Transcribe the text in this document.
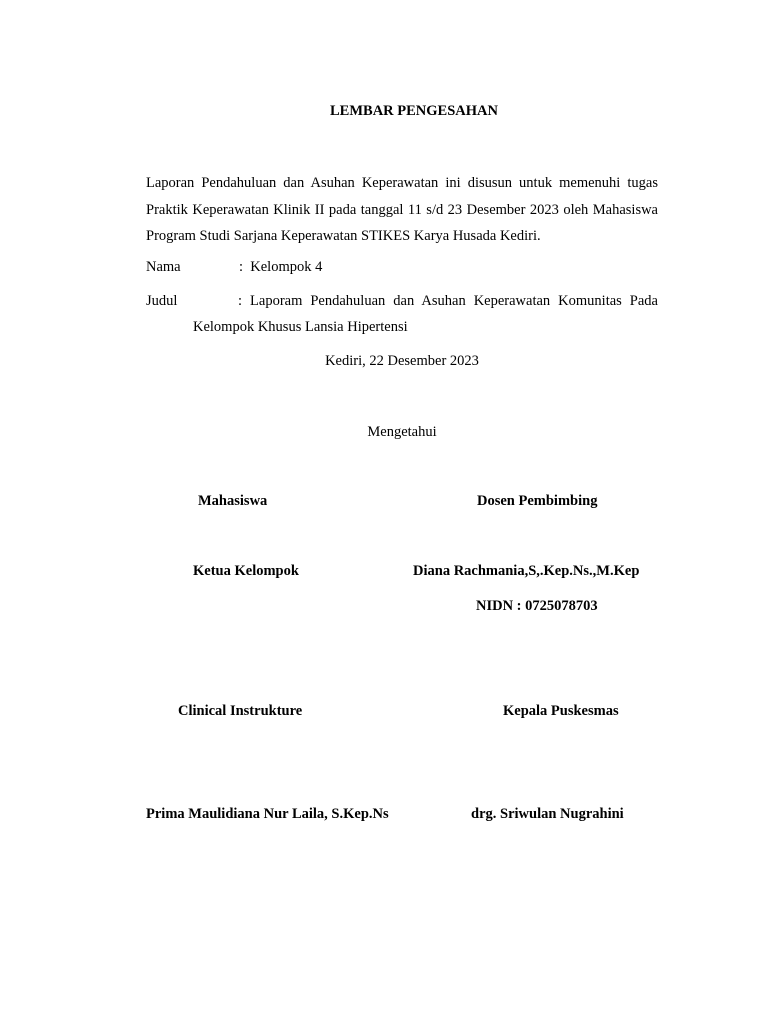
LEMBAR PENGESAHAN
Laporan Pendahuluan dan Asuhan Keperawatan ini disusun untuk memenuhi tugas Praktik Keperawatan Klinik II pada tanggal 11 s/d 23 Desember 2023 oleh Mahasiswa Program Studi Sarjana Keperawatan STIKES Karya Husada Kediri.
Nama	:  Kelompok 4
Judul	: Laporam Pendahuluan dan Asuhan Keperawatan Komunitas Pada
Kelompok Khusus Lansia Hipertensi
Kediri, 22 Desember 2023
Mengetahui
Mahasiswa	Dosen Pembimbing
Ketua Kelompok	Diana Rachmania,S,.Kep.Ns.,M.Kep
NIDN : 0725078703
Clinical Instrukture	Kepala Puskesmas
Prima Maulidiana Nur Laila, S.Kep.Ns	drg. Sriwulan Nugrahini
